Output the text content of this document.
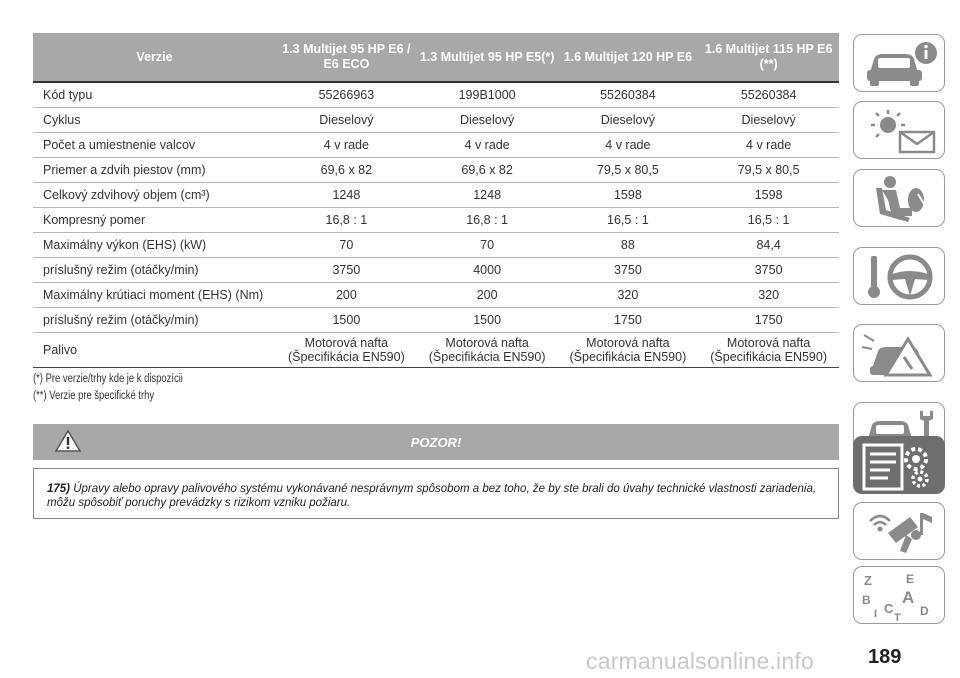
Verzie	1.3 Multijet 95 HP E6 / E6 ECO	1.3 Multijet 95 HP E5(*)	1.6 Multijet 120 HP E6	1.6 Multijet 115 HP E6 (**)
Kód typu	55266963	199B1000	55260384	55260384
Cyklus	Dieselový	Dieselový	Dieselový	Dieselový
Počet a umiestnenie valcov	4 v rade	4 v rade	4 v rade	4 v rade
Priemer a zdvih piestov (mm)	69,6 x 82	69,6 x 82	79,5 x 80,5	79,5 x 80,5
Celkový zdvihový objem (cm³)	1248	1248	1598	1598
Kompresný pomer	16,8 : 1	16,8 : 1	16,5 : 1	16,5 : 1
Maximálny výkon (EHS) (kW)	70	70	88	84,4
príslušný režim (otáčky/min)	3750	4000	3750	3750
Maximálny krútiaci moment (EHS) (Nm)	200	200	320	320
príslušný režim (otáčky/min)	1500	1500	1750	1750
Palivo	Motorová nafta (Špecifikácia EN590)	Motorová nafta (Špecifikácia EN590)	Motorová nafta (Špecifikácia EN590)	Motorová nafta (Špecifikácia EN590)
(*) Pre verzie/trhy kde je k dispozícii
(**) Verzie pre špecifické trhy
POZOR!
175) Úpravy alebo opravy palivového systému vykonávané nesprávnym spôsobom a bez toho, že by ste brali do úvahy technické vlastnosti zariadenia, môžu spôsobiť poruchy prevádzky s rizikom vzniku požiaru.
Z	E
B A
C D
T
I
carmanualsonline.info	189
